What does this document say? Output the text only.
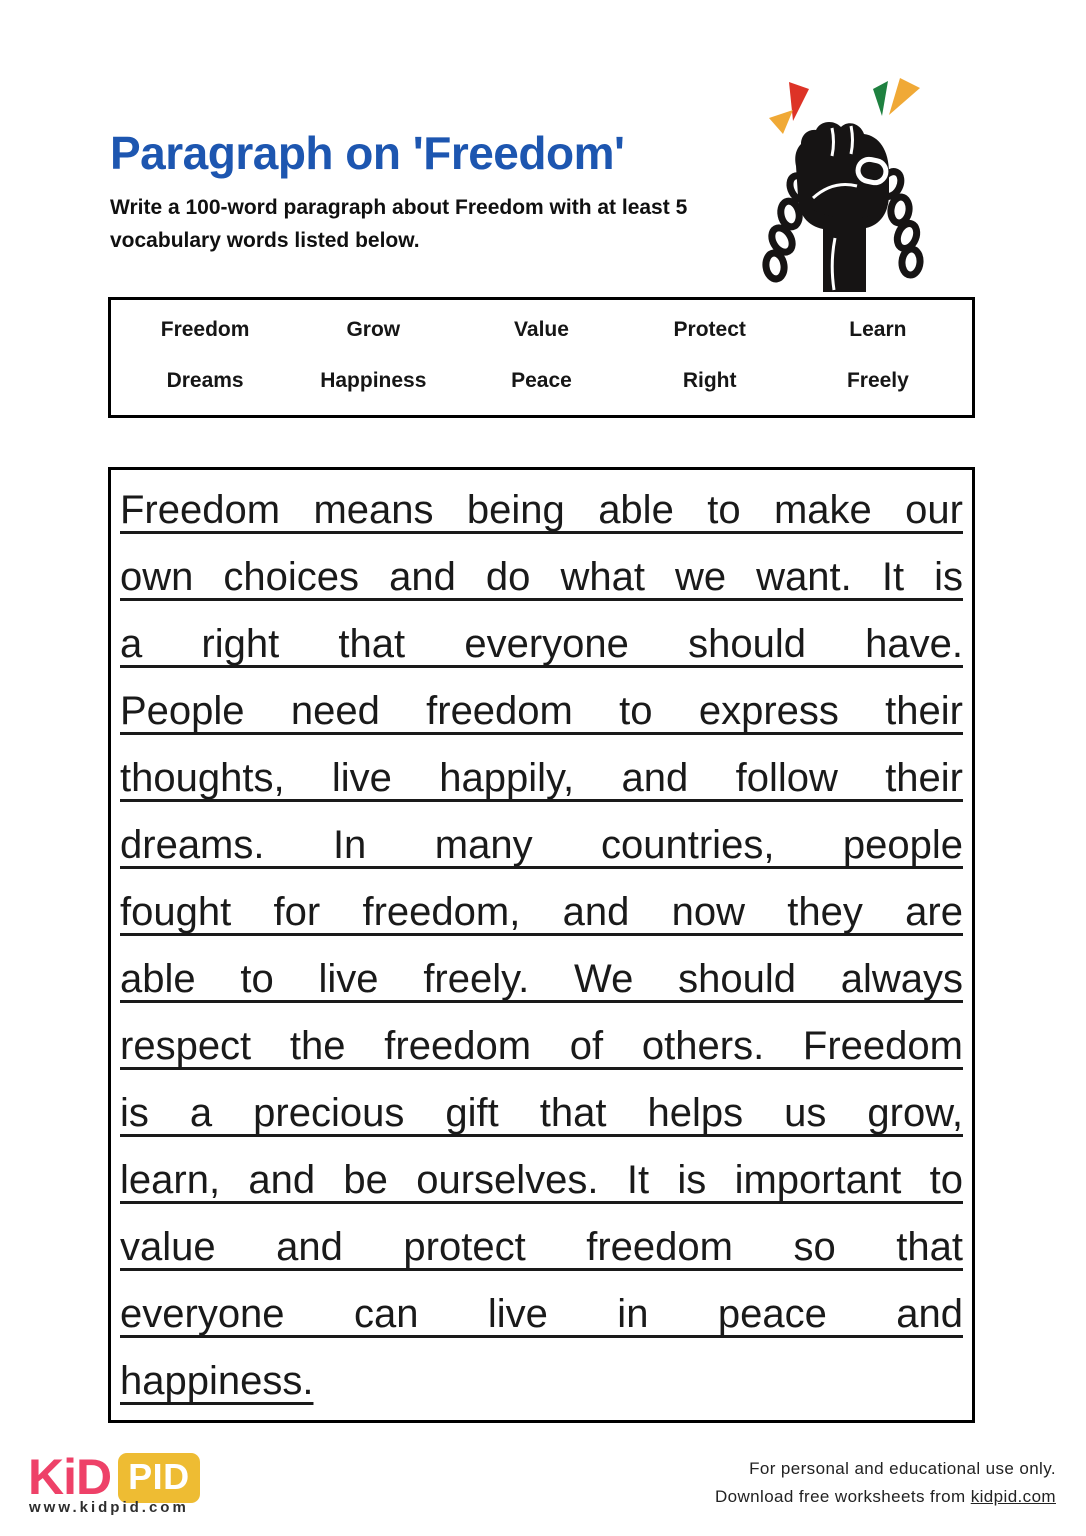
Paragraph on 'Freedom'

Write a 100-word paragraph about Freedom with at least 5 vocabulary words listed below.

Freedom	Grow	Value	Protect	Learn
Dreams	Happiness	Peace	Right	Freely
Freedom means being able to make our
own choices and do what we want. It is
a right that everyone should have.
People need freedom to express their
thoughts, live happily, and follow their
dreams. In many countries, people
fought for freedom, and now they are
able to live freely. We should always
respect the freedom of others. Freedom
is a precious gift that helps us grow,
learn, and be ourselves. It is important to
value and protect freedom so that
everyone can live in peace and
happiness.
KiD PID
www.kidpid.com
For personal and educational use only.
Download free worksheets from kidpid.com
